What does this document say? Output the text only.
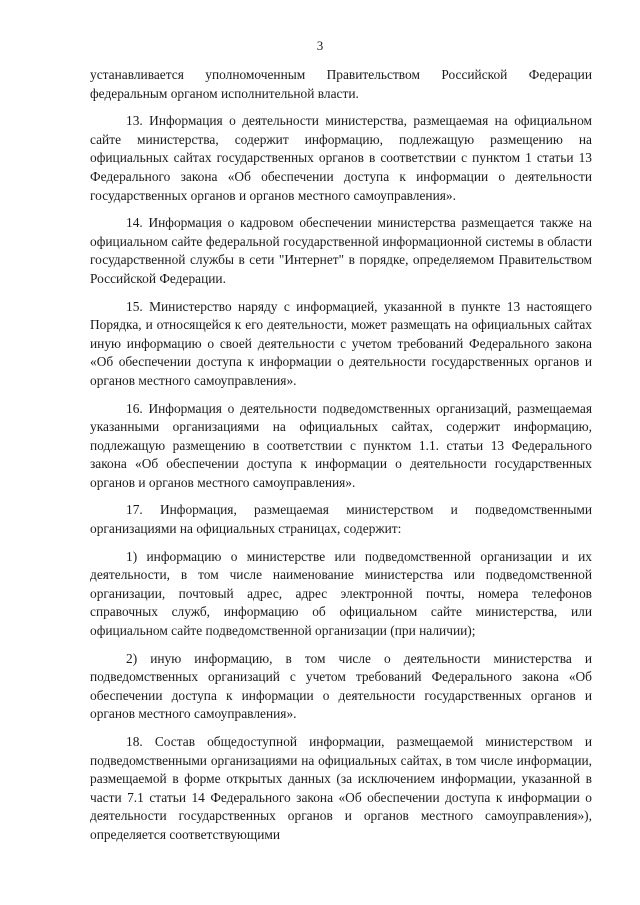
3

устанавливается уполномоченным Правительством Российской Федерации федеральным органом исполнительной власти.

13. Информация о деятельности министерства, размещаемая на официальном сайте министерства, содержит информацию, подлежащую размещению на официальных сайтах государственных органов в соответствии с пунктом 1 статьи 13 Федерального закона «Об обеспечении доступа к информации о деятельности государственных органов и органов местного самоуправления».

14. Информация о кадровом обеспечении министерства размещается также на официальном сайте федеральной государственной информационной системы в области государственной службы в сети "Интернет" в порядке, определяемом Правительством Российской Федерации.

15. Министерство наряду с информацией, указанной в пункте 13 настоящего Порядка, и относящейся к его деятельности, может размещать на официальных сайтах иную информацию о своей деятельности с учетом требований Федерального закона «Об обеспечении доступа к информации о деятельности государственных органов и органов местного самоуправления».

16. Информация о деятельности подведомственных организаций, размещаемая указанными организациями на официальных сайтах, содержит информацию, подлежащую размещению в соответствии с пунктом 1.1. статьи 13 Федерального закона «Об обеспечении доступа к информации о деятельности государственных органов и органов местного самоуправления».

17. Информация, размещаемая министерством и подведомственными организациями на официальных страницах, содержит:

1) информацию о министерстве или подведомственной организации и их деятельности, в том числе наименование министерства или подведомственной организации, почтовый адрес, адрес электронной почты, номера телефонов справочных служб, информацию об официальном сайте министерства, или официальном сайте подведомственной организации (при наличии);

2) иную информацию, в том числе о деятельности министерства и подведомственных организаций с учетом требований Федерального закона «Об обеспечении доступа к информации о деятельности государственных органов и органов местного самоуправления».

18. Состав общедоступной информации, размещаемой министерством и подведомственными организациями на официальных сайтах, в том числе информации, размещаемой в форме открытых данных (за исключением информации, указанной в части 7.1 статьи 14 Федерального закона «Об обеспечении доступа к информации о деятельности государственных органов и органов местного самоуправления»), определяется соответствующими
